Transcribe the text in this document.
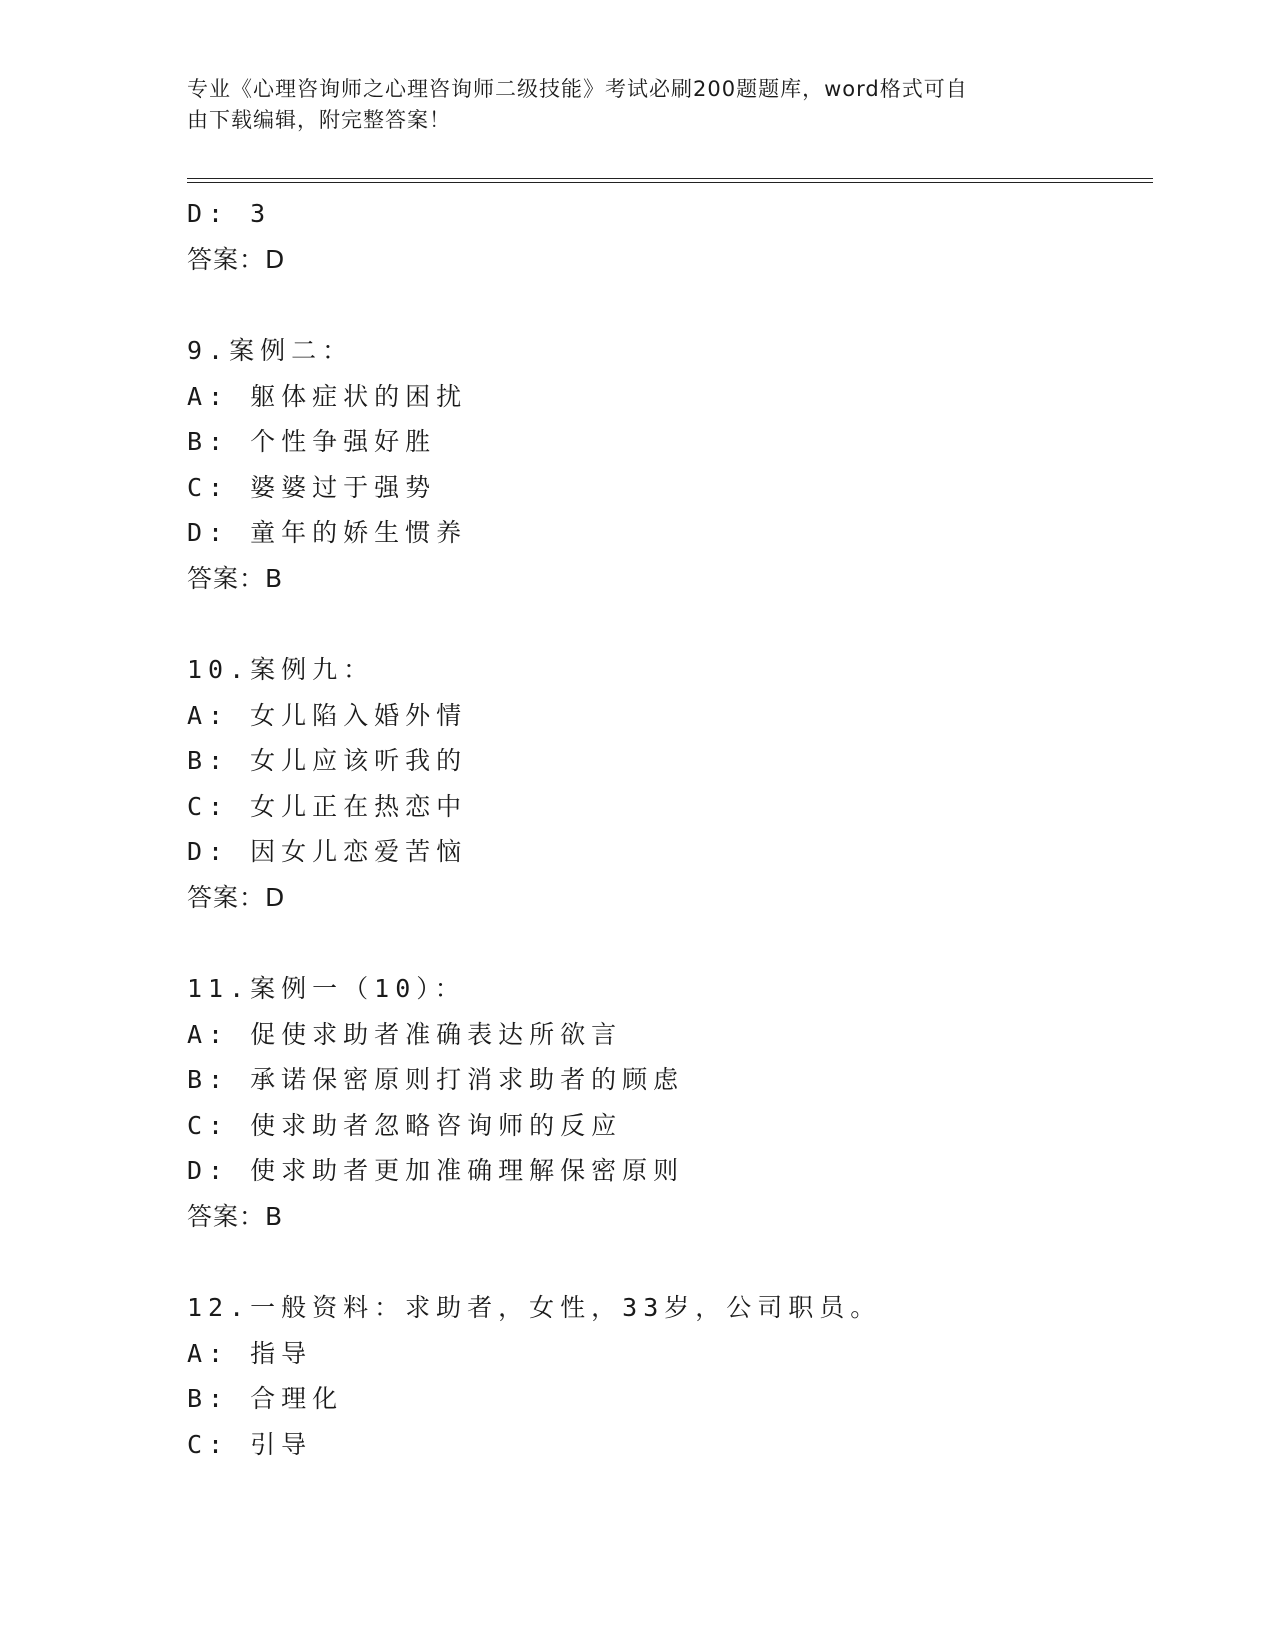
专业《心理咨询师之心理咨询师二级技能》考试必刷200题题库，word格式可自
由下载编辑，附完整答案！
D: 3
答案：D
9.案例二：
A: 躯体症状的困扰
B: 个性争强好胜
C: 婆婆过于强势
D: 童年的娇生惯养
答案：B
10.案例九：
A: 女儿陷入婚外情
B: 女儿应该听我的
C: 女儿正在热恋中
D: 因女儿恋爱苦恼
答案：D
11.案例一（10）：
A: 促使求助者准确表达所欲言
B: 承诺保密原则打消求助者的顾虑
C: 使求助者忽略咨询师的反应
D: 使求助者更加准确理解保密原则
答案：B
12.一般资料：求助者，女性，33岁，公司职员。
A: 指导
B: 合理化
C: 引导
